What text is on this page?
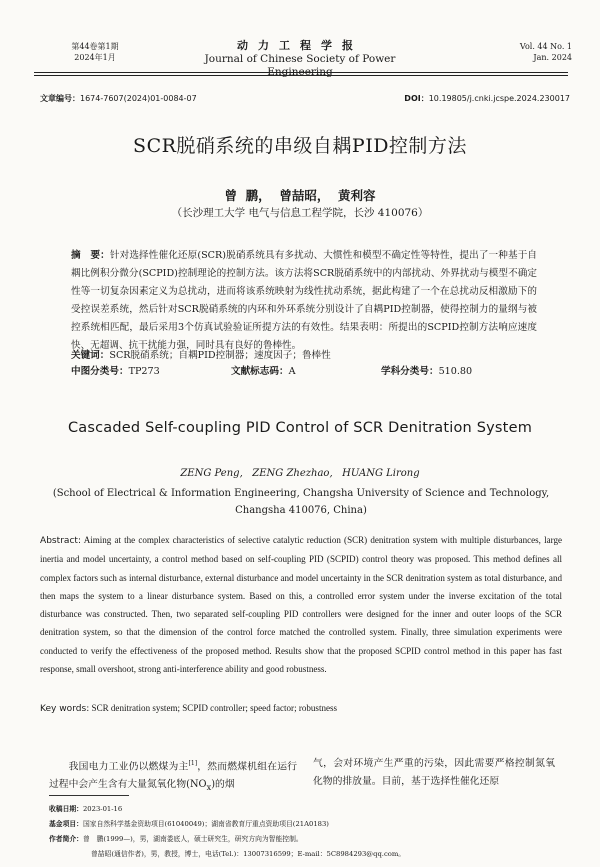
第44卷第1期
2024年1月
动力工程学报
Journal of Chinese Society of Power Engineering
Vol. 44 No. 1
Jan. 2024
文章编号：1674-7607(2024)01-0084-07	DOI：10.19805/j.cnki.jcspe.2024.230017
SCR脱硝系统的串级自耦PID控制方法
曾  鹏，  曾喆昭，  黄利容
（长沙理工大学 电气与信息工程学院，长沙 410076）
摘　要：针对选择性催化还原(SCR)脱硝系统具有多扰动、大惯性和模型不确定性等特性，提出了一种基于自耦比例积分微分(SCPID)控制理论的控制方法。该方法将SCR脱硝系统中的内部扰动、外界扰动与模型不确定性等一切复杂因素定义为总扰动，进而将该系统映射为线性扰动系统，据此构建了一个在总扰动反相激励下的受控误差系统，然后针对SCR脱硝系统的内环和外环系统分别设计了自耦PID控制器，使得控制力的量纲与被控系统相匹配，最后采用3个仿真试验验证所提方法的有效性。结果表明：所提出的SCPID控制方法响应速度快、无超调、抗干扰能力强，同时具有良好的鲁棒性。
关键词：SCR脱硝系统；自耦PID控制器；速度因子；鲁棒性
中图分类号：TP273	文献标志码：A	学科分类号：510.80
Cascaded Self-coupling PID Control of SCR Denitration System
ZENG Peng,   ZENG Zhezhao,   HUANG Lirong
(School of Electrical & Information Engineering, Changsha University of Science and Technology, Changsha 410076, China)
Abstract: Aiming at the complex characteristics of selective catalytic reduction (SCR) denitration system with multiple disturbances, large inertia and model uncertainty, a control method based on self-coupling PID (SCPID) control theory was proposed. This method defines all complex factors such as internal disturbance, external disturbance and model uncertainty in the SCR denitration system as total disturbance, and then maps the system to a linear disturbance system. Based on this, a controlled error system under the inverse excitation of the total disturbance was constructed. Then, two separated self-coupling PID controllers were designed for the inner and outer loops of the SCR denitration system, so that the dimension of the control force matched the controlled system. Finally, three simulation experiments were conducted to verify the effectiveness of the proposed method. Results show that the proposed SCPID control method in this paper has fast response, small overshoot, strong anti-interference ability and good robustness.
Key words: SCR denitration system; SCPID controller; speed factor; robustness
我国电力工业仍以燃煤为主[1]，然而燃煤机组在运行过程中会产生含有大量氮氧化物$(NO_x)$的烟
气，会对环境产生严重的污染，因此需要严格控制氮氧化物的排放量。目前，基于选择性催化还原
收稿日期：2023-01-16
基金项目：国家自然科学基金资助项目(61040049)；湖南省教育厅重点资助项目(21A0183)
作者简介：曾　鹏(1999—)，男，湖南娄底人，硕士研究生，研究方向为智能控制。
曾喆昭(通信作者)，男，教授，博士，电话(Tel.)：13007316599；E-mail：5C8984293@qq.com。
